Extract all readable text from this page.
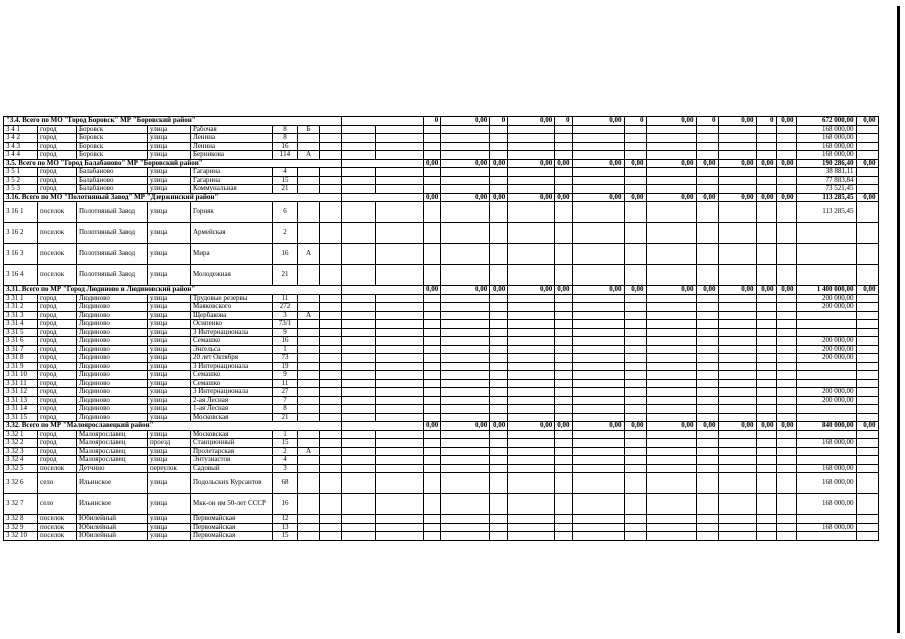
"3.4. Всего по МО "Город Боровск" МР "Боровский район"										0	0,00	0	0,00	0	0,00	0	0,00	0	0,00	0	0,00	672 000,00	0,00
3 4 1	город	Боровск	улица	Рабочая	8	Б																168 000,00	
3 4 2	город	Боровск	улица	Ленина	8																	168 000,00	
3 4 3	город	Боровск	улица	Ленина	16																	168 000,00	
3 4 4	город	Боровск	улица	Берникова	114	А																168 000,00	
3.5. Всего по МО "Город Балабаново" МР "Боровский район"										0,00	0,00	0,00	0,00	0,00	0,00	0,00	0,00	0,00	0,00	0,00	0,00	190 286,40	0,00
3 5 1	город	Балабаново	улица	Гагарина	4																	38 881,11	
3 5 2	город	Балабаново	улица	Гагарина	15																	77 883,84	
3 5 3	город	Балабаново	улица	Коммунальная	21																	73 521,45	
3.16. Всего по МО "Полотняный Завод" МР "Дзержинский район"										0,00	0,00	0,00	0,00	0,00	0,00	0,00	0,00	0,00	0,00	0,00	0,00	113 285,45	0,00
3 16 1	поселок	Полотняный Завод	улица	Горняк	6																	113 285,45	
3 16 2	поселок	Полотняный Завод	улица	Армейская	2																		
3 16 3	поселок	Полотняный Завод	улица	Мира	16	А																	
3 16 4	поселок	Полотняный Завод	улица	Молодежная	21																		
3.31. Всего по МР "Город Людиново и Людиновский район"										0,00	0,00	0,00	0,00	0,00	0,00	0,00	0,00	0,00	0,00	0,00	0,00	1 400 000,00	0,00
3 31 1	город	Людиново	улица	Трудовые резервы	11																	200 000,00	
3 31 2	город	Людиново	улица	Маяковского	272																	200 000,00	
3 31 3	город	Людиново	улица	Щербакова	3	А																	
3 31 4	город	Людиново	улица	Осипенко	73/1																		
3 31 5	город	Людиново	улица	3 Интернационала	9																		
3 31 6	город	Людиново	улица	Семашко	16																	200 000,00	
3 31 7	город	Людиново	улица	Энгельса	1																	200 000,00	
3 31 8	город	Людиново	улица	20 лет Октября	73																	200 000,00	
3 31 9	город	Людиново	улица	3 Интернационала	19																		
3 31 10	город	Людиново	улица	Семашко	9																		
3 31 11	город	Людиново	улица	Семашко	11																		
3 31 12	город	Людиново	улица	3 Интернационала	27																	200 000,00	
3 31 13	город	Людиново	улица	2-ая Лесная	7																	200 000,00	
3 31 14	город	Людиново	улица	1-ая Лесная	8																		
3 31 15	город	Людиново	улица	Московская	21																		
3.32. Всего по МР "Малоярославецкий район"										0,00	0,00	0,00	0,00	0,00	0,00	0,00	0,00	0,00	0,00	0,00	0,00	840 000,00	0,00
3 32 1	город	Малоярославец	улица	Московская	1																		
3 32 2	город	Малоярославец	проезд	Станционный	15																	168 000,00	
3 32 3	город	Малоярославец	улица	Пролетарская	2	А																	
3 32 4	город	Малоярославец	улица	Энтузиастов	4																		
3 32 5	поселок	Детчино	переулок	Садовый	3																	168 000,00	
3 32 6	село	Ильинское	улица	Подольских Курсантов	68																	168 000,00	
3 32 7	село	Ильинское	улица	Мкк-он им 50-лет СССР	16																	168 000,00	
3 32 8	поселок	Юбилейный	улица	Первомайская	12																		
3 32 9	поселок	Юбилейный	улица	Первомайская	13																	168 000,00	
3 32 10	поселок	Юбилейный	улица	Первомайская	15																		
